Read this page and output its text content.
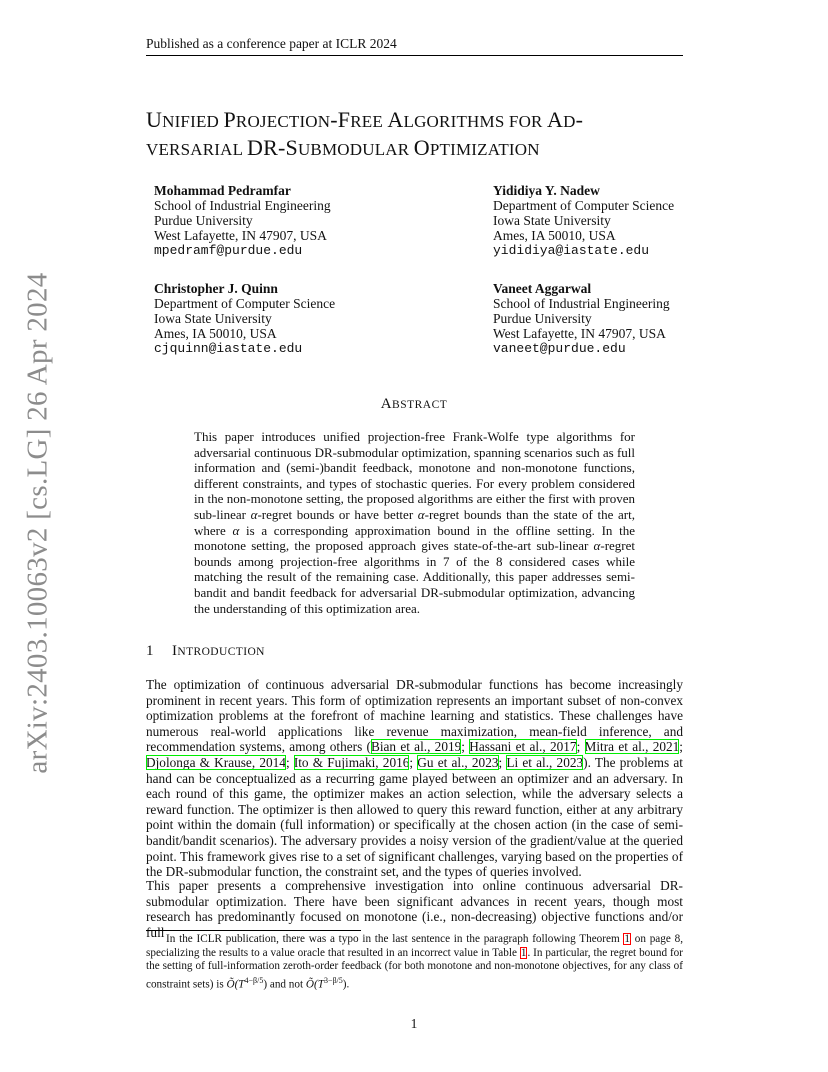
Published as a conference paper at ICLR 2024
arXiv:2403.10063v2 [cs.LG] 26 Apr 2024
UNIFIED PROJECTION-FREE ALGORITHMS FOR AD-
VERSARIAL DR-SUBMODULAR OPTIMIZATION
Mohammad Pedramfar
School of Industrial Engineering
Purdue University
West Lafayette, IN 47907, USA
mpedramf@purdue.edu
Yididiya Y. Nadew
Department of Computer Science
Iowa State University
Ames, IA 50010, USA
yididiya@iastate.edu
Christopher J. Quinn
Department of Computer Science
Iowa State University
Ames, IA 50010, USA
cjquinn@iastate.edu
Vaneet Aggarwal
School of Industrial Engineering
Purdue University
West Lafayette, IN 47907, USA
vaneet@purdue.edu
ABSTRACT
This paper introduces unified projection-free Frank-Wolfe type algorithms for adversarial continuous DR-submodular optimization, spanning scenarios such as full information and (semi-)bandit feedback, monotone and non-monotone functions, different constraints, and types of stochastic queries. For every problem considered in the non-monotone setting, the proposed algorithms are either the first with proven sub-linear α-regret bounds or have better α-regret bounds than the state of the art, where α is a corresponding approximation bound in the offline setting. In the monotone setting, the proposed approach gives state-of-the-art sub-linear α-regret bounds among projection-free algorithms in 7 of the 8 considered cases while matching the result of the remaining case. Additionally, this paper addresses semi-bandit and bandit feedback for adversarial DR-submodular optimization, advancing the understanding of this optimization area.
1 INTRODUCTION
The optimization of continuous adversarial DR-submodular functions has become increasingly prominent in recent years. This form of optimization represents an important subset of non-convex optimization problems at the forefront of machine learning and statistics. These challenges have numerous real-world applications like revenue maximization, mean-field inference, and recommendation systems, among others (Bian et al., 2019; Hassani et al., 2017; Mitra et al., 2021; Djolonga & Krause, 2014; Ito & Fujimaki, 2016; Gu et al., 2023; Li et al., 2023). The problems at hand can be conceptualized as a recurring game played between an optimizer and an adversary. In each round of this game, the optimizer makes an action selection, while the adversary selects a reward function. The optimizer is then allowed to query this reward function, either at any arbitrary point within the domain (full information) or specifically at the chosen action (in the case of semi-bandit/bandit scenarios). The adversary provides a noisy version of the gradient/value at the queried point. This framework gives rise to a set of significant challenges, varying based on the properties of the DR-submodular function, the constraint set, and the types of queries involved.
This paper presents a comprehensive investigation into online continuous adversarial DR-submodular optimization. There have been significant advances in recent years, though most research has predominantly focused on monotone (i.e., non-decreasing) objective functions and/or full In the ICLR publication, there was a typo in the last sentence in the paragraph following Theorem 1 on page 8, specializing the results to a value oracle that resulted in an incorrect value in Table 1. In particular, the regret bound for the setting of full-information zeroth-order feedback (for both monotone and non-monotone objectives, for any class of constraint sets) is $Õ(T^{4-\beta/5})$ and not $Õ(T^{3-\beta/5})$.
1
